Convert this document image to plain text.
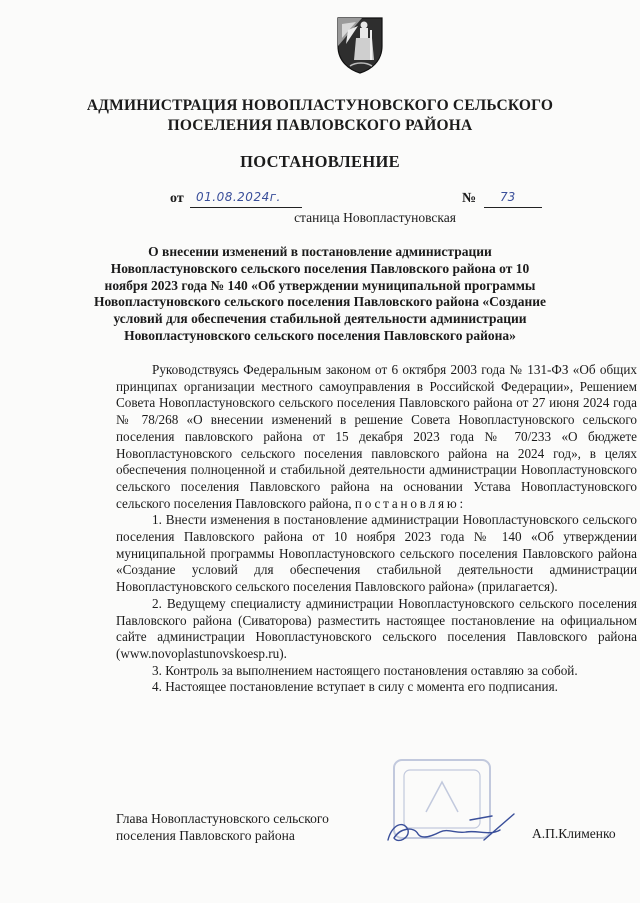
АДМИНИСТРАЦИЯ НОВОПЛАСТУНОВСКОГО СЕЛЬСКОГО
ПОСЕЛЕНИЯ ПАВЛОВСКОГО РАЙОНА
ПОСТАНОВЛЕНИЕ
от 01.08.2024г.	№ 73
станица Новопластуновская
О внесении изменений в постановление администрации
Новопластуновского сельского поселения Павловского района от 10
ноября 2023 года № 140 «Об утверждении муниципальной программы
Новопластуновского сельского поселения Павловского района «Создание
условий для обеспечения стабильной деятельности администрации
Новопластуновского сельского поселения Павловского района»

Руководствуясь Федеральным законом от 6 октября 2003 года № 131-ФЗ «Об общих принципах организации местного самоуправления в Российской Федерации», Решением Совета Новопластуновского сельского поселения Павловского района от 27 июня 2024 года № 78/268 «О внесении изменений в решение Совета Новопластуновского сельского поселения павловского района от 15 декабря 2023 года № 70/233 «О бюджете Новопластуновского сельского поселения павловского района на 2024 год», в целях обеспечения полноценной и стабильной деятельности администрации Новопластуновского сельского поселения Павловского района на основании Устава Новопластуновского сельского поселения Павловского района, постановляю:

1. Внести изменения в постановление администрации Новопластуновского сельского поселения Павловского района от 10 ноября 2023 года № 140 «Об утверждении муниципальной программы Новопластуновского сельского поселения Павловского района «Создание условий для обеспечения стабильной деятельности администрации Новопластуновского сельского поселения Павловского района» (прилагается).

2. Ведущему специалисту администрации Новопластуновского сельского поселения Павловского района (Сиваторова) разместить настоящее постановление на официальном сайте администрации Новопластуновского сельского поселения Павловского района (www.novoplastunovskoesp.ru).

3. Контроль за выполнением настоящего постановления оставляю за собой.

4. Настоящее постановление вступает в силу с момента его подписания.

Глава Новопластуновского сельского
поселения Павловского района	А.П.Клименко
